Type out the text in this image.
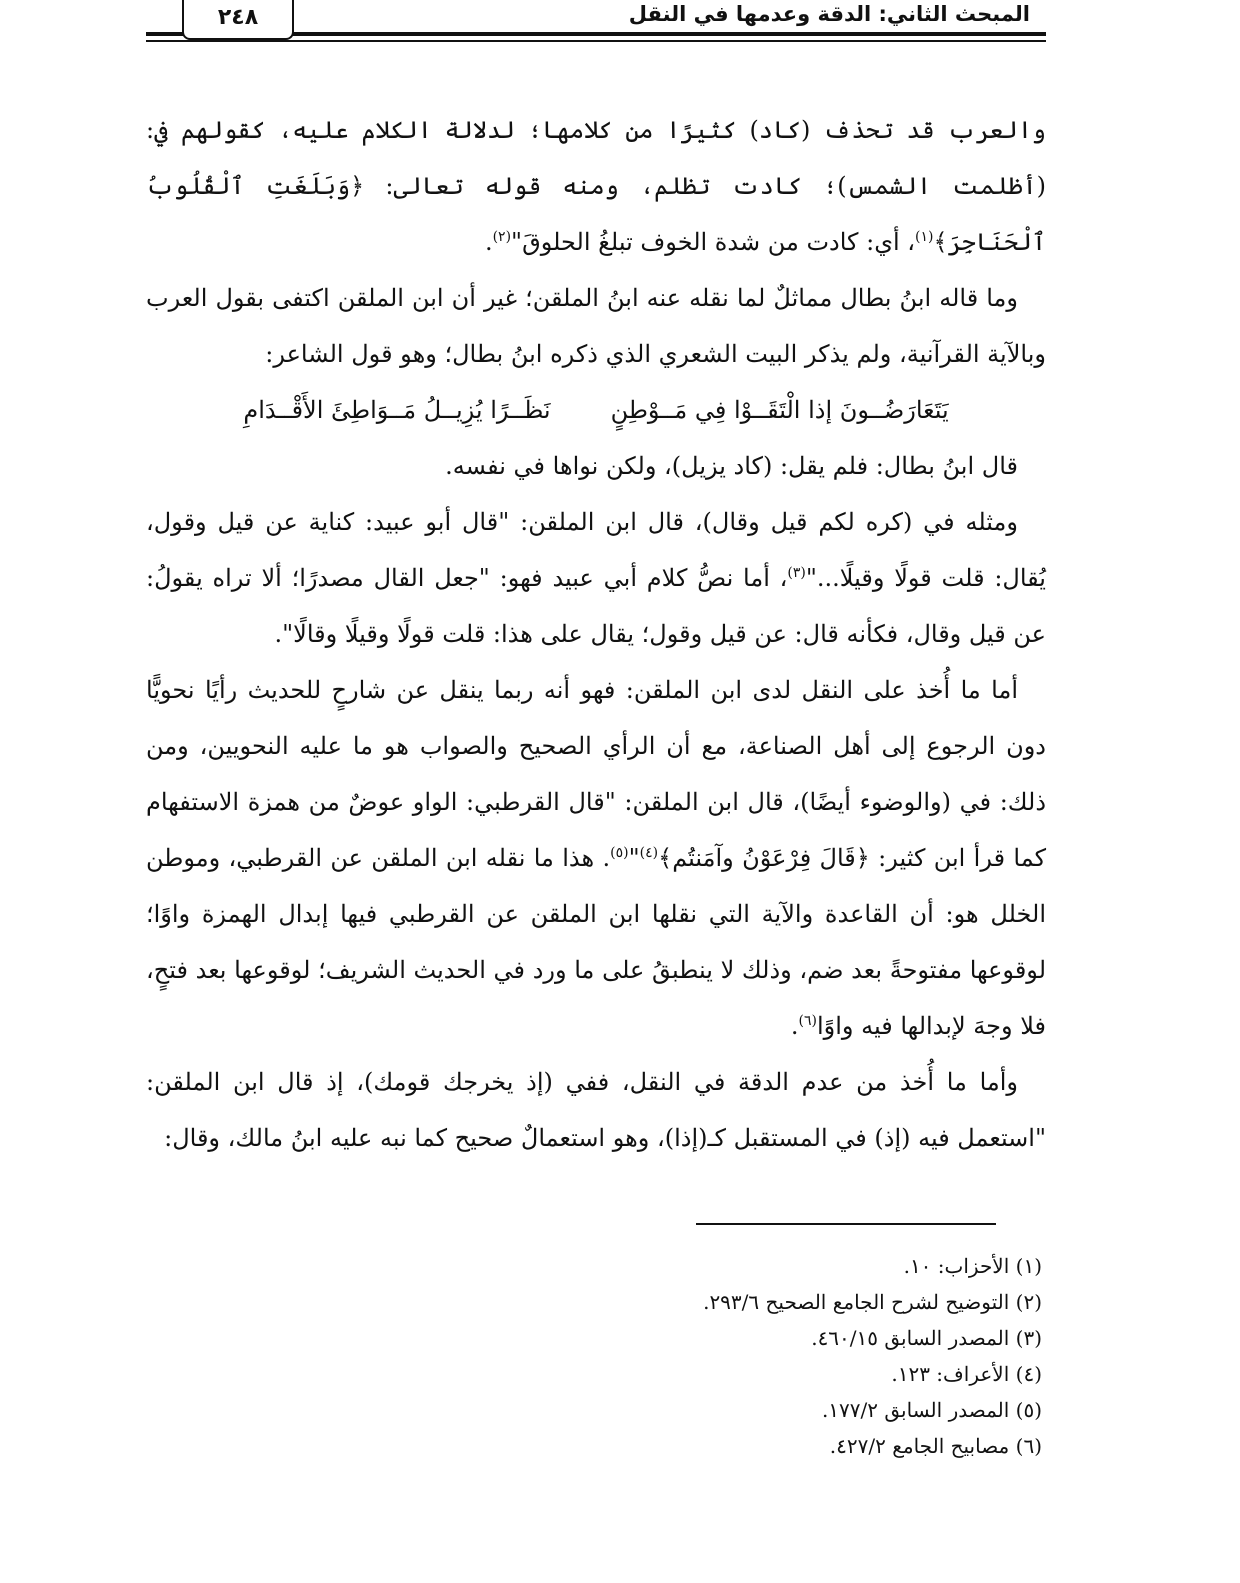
المبحث الثاني: الدقة وعدمها في النقل
٢٤٨

والعرب قد تحذف (كاد) كثيرًا من كلامها؛ لدلالة الكلام عليه، كقولهم في: (أظلمت الشمس)؛ كادت تظلم، ومنه قوله تعالى: ﴿وَبَلَغَتِ ٱلْقُلُوبُ ٱلْحَنَاجِرَ﴾$^{(١)}$، أي: كادت من شدة الخوف تبلغُ الحلوقَ"$^{(٢)}$.

وما قاله ابنُ بطال مماثلٌ لما نقله عنه ابنُ الملقن؛ غير أن ابن الملقن اكتفى بقول العرب وبالآية القرآنية، ولم يذكر البيت الشعري الذي ذكره ابنُ بطال؛ وهو قول الشاعر:

يَتَعَارَضُــونَ إذا الْتَقَــوْا فِي مَــوْطِنٍ
نَظَــرًا يُزِيــلُ مَــوَاطِئَ الأَقْــدَامِ

قال ابنُ بطال: فلم يقل: (كاد يزيل)، ولكن نواها في نفسه.

ومثله في (كره لكم قيل وقال)، قال ابن الملقن: "قال أبو عبيد: كناية عن قيل وقول، يُقال: قلت قولًا وقيلًا..."$^{(٣)}$، أما نصُّ كلام أبي عبيد فهو: "جعل القال مصدرًا؛ ألا تراه يقولُ: عن قيل وقال، فكأنه قال: عن قيل وقول؛ يقال على هذا: قلت قولًا وقيلًا وقالًا".

أما ما أُخذ على النقل لدى ابن الملقن: فهو أنه ربما ينقل عن شارحٍ للحديث رأيًا نحويًّا دون الرجوع إلى أهل الصناعة، مع أن الرأي الصحيح والصواب هو ما عليه النحويين، ومن ذلك: في (والوضوء أيضًا)، قال ابن الملقن: "قال القرطبي: الواو عوضٌ من همزة الاستفهام كما قرأ ابن كثير: ﴿قَالَ فِرْعَوْنُ وآمَنتُم﴾$^{(٤)}$"$^{(٥)}$. هذا ما نقله ابن الملقن عن القرطبي، وموطن الخلل هو: أن القاعدة والآية التي نقلها ابن الملقن عن القرطبي فيها إبدال الهمزة واوًا؛ لوقوعها مفتوحةً بعد ضم، وذلك لا ينطبقُ على ما ورد في الحديث الشريف؛ لوقوعها بعد فتحٍ، فلا وجهَ لإبدالها فيه واوًا$^{(٦)}$.

وأما ما أُخذ من عدم الدقة في النقل، ففي (إذ يخرجك قومك)، إذ قال ابن الملقن: "استعمل فيه (إذ) في المستقبل كـ(إذا)، وهو استعمالٌ صحيح كما نبه عليه ابنُ مالك، وقال:

(١) الأحزاب: ١٠.
(٢) التوضيح لشرح الجامع الصحيح ٢٩٣/٦.
(٣) المصدر السابق ٤٦٠/١٥.
(٤) الأعراف: ١٢٣.
(٥) المصدر السابق ١٧٧/٢.
(٦) مصابيح الجامع ٤٢٧/٢.
